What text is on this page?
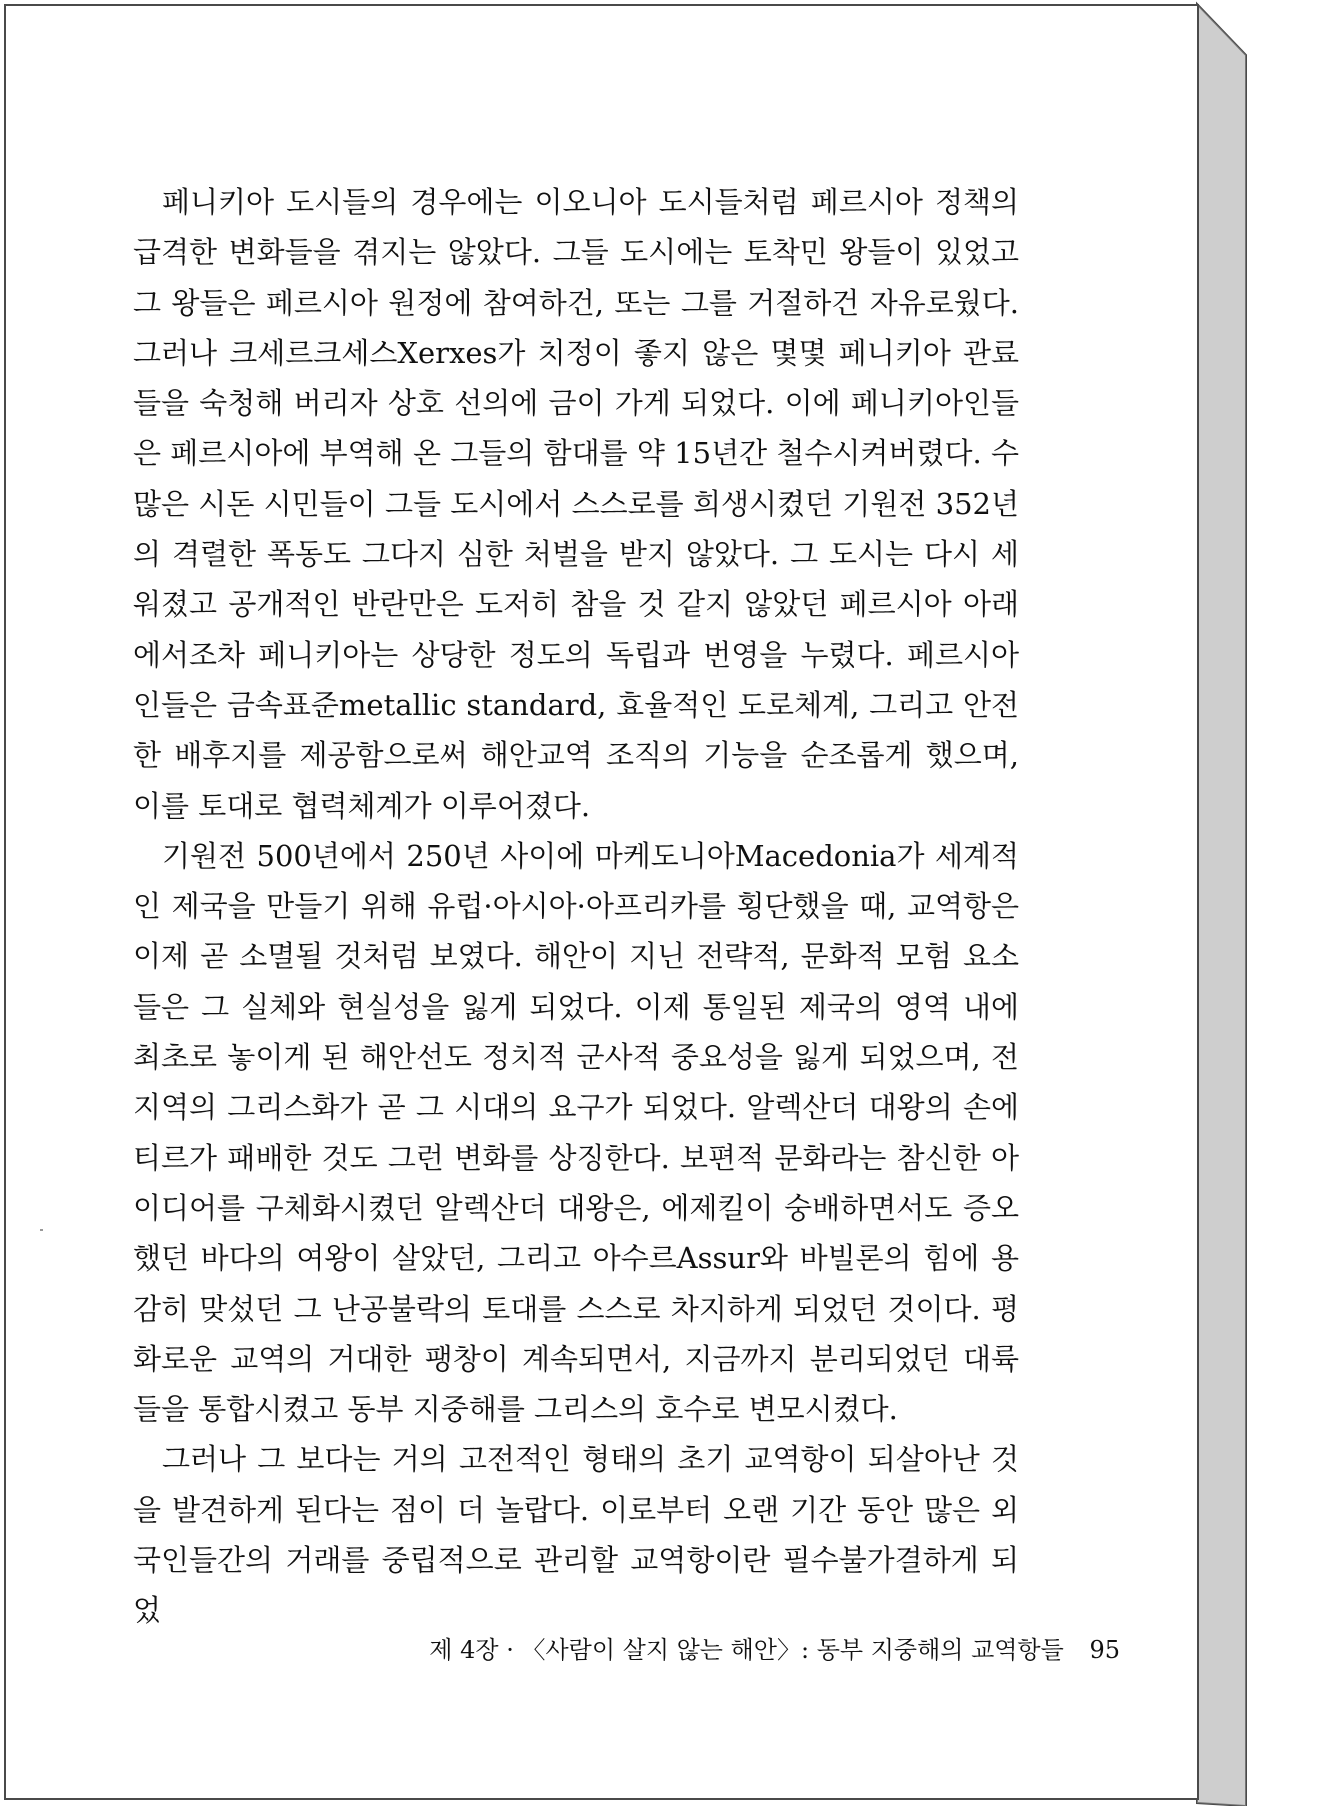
페니키아 도시들의 경우에는 이오니아 도시들처럼 페르시아 정책의 급격한 변화들을 겪지는 않았다. 그들 도시에는 토착민 왕들이 있었고 그 왕들은 페르시아 원정에 참여하건, 또는 그를 거절하건 자유로웠다. 그러나 크세르크세스Xerxes가 치정이 좋지 않은 몇몇 페니키아 관료들을 숙청해 버리자 상호 선의에 금이 가게 되었다. 이에 페니키아인들은 페르시아에 부역해 온 그들의 함대를 약 15년간 철수시켜버렸다. 수많은 시돈 시민들이 그들 도시에서 스스로를 희생시켰던 기원전 352년의 격렬한 폭동도 그다지 심한 처벌을 받지 않았다. 그 도시는 다시 세워졌고 공개적인 반란만은 도저히 참을 것 같지 않았던 페르시아 아래에서조차 페니키아는 상당한 정도의 독립과 번영을 누렸다. 페르시아인들은 금속표준metallic standard, 효율적인 도로체계, 그리고 안전한 배후지를 제공함으로써 해안교역 조직의 기능을 순조롭게 했으며, 이를 토대로 협력체계가 이루어졌다.

기원전 500년에서 250년 사이에 마케도니아Macedonia가 세계적인 제국을 만들기 위해 유럽·아시아·아프리카를 횡단했을 때, 교역항은 이제 곧 소멸될 것처럼 보였다. 해안이 지닌 전략적, 문화적 모험 요소들은 그 실체와 현실성을 잃게 되었다. 이제 통일된 제국의 영역 내에 최초로 놓이게 된 해안선도 정치적 군사적 중요성을 잃게 되었으며, 전 지역의 그리스화가 곧 그 시대의 요구가 되었다. 알렉산더 대왕의 손에 티르가 패배한 것도 그런 변화를 상징한다. 보편적 문화라는 참신한 아이디어를 구체화시켰던 알렉산더 대왕은, 에제킬이 숭배하면서도 증오했던 바다의 여왕이 살았던, 그리고 아수르Assur와 바빌론의 힘에 용감히 맞섰던 그 난공불락의 토대를 스스로 차지하게 되었던 것이다. 평화로운 교역의 거대한 팽창이 계속되면서, 지금까지 분리되었던 대륙들을 통합시켰고 동부 지중해를 그리스의 호수로 변모시켰다.

그러나 그 보다는 거의 고전적인 형태의 초기 교역항이 되살아난 것을 발견하게 된다는 점이 더 놀랍다. 이로부터 오랜 기간 동안 많은 외국인들간의 거래를 중립적으로 관리할 교역항이란 필수불가결하게 되었

제 4장 · 〈사람이 살지 않는 해안〉: 동부 지중해의 교역항들 95
